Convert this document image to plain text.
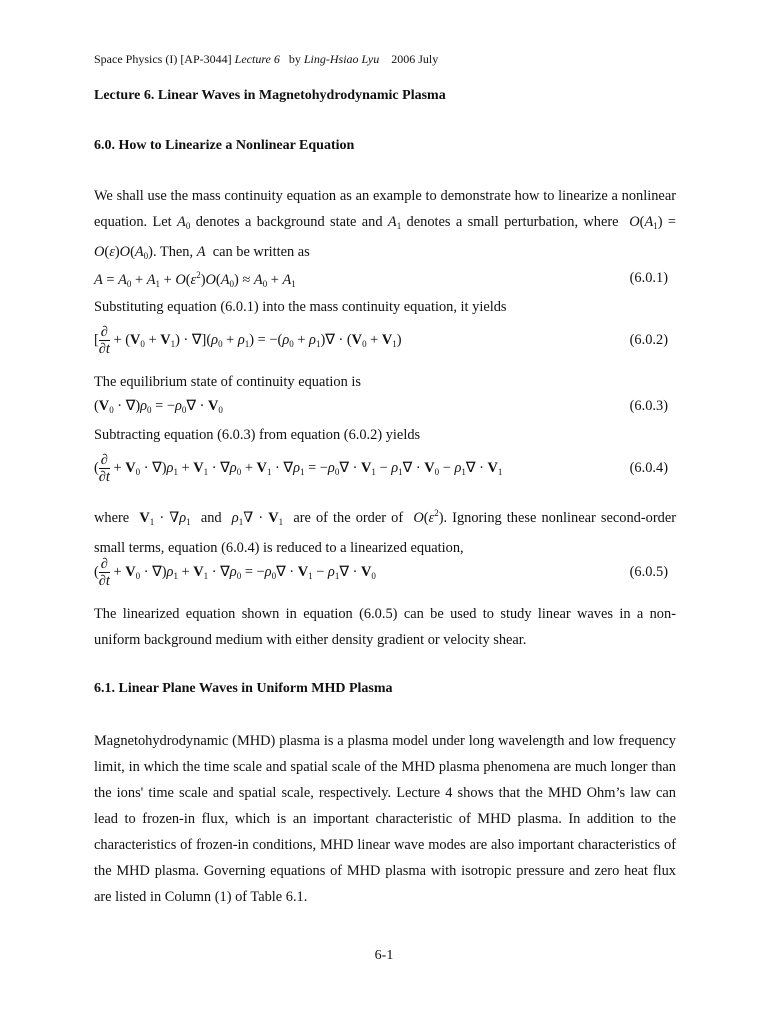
Space Physics (I) [AP-3044] Lecture 6 by Ling-Hsiao Lyu 2006 July
Lecture 6. Linear Waves in Magnetohydrodynamic Plasma
6.0. How to Linearize a Nonlinear Equation
We shall use the mass continuity equation as an example to demonstrate how to linearize a nonlinear equation. Let $A_0$ denotes a background state and $A_1$ denotes a small perturbation, where $O(A_1) = O(\varepsilon)O(A_0)$. Then, A can be written as
$A = A_0 + A_1 + O(\varepsilon^2)O(A_0) \approx A_0 + A_1$	(6.0.1)
Substituting equation (6.0.1) into the mass continuity equation, it yields
[ $\frac{\partial}{\partial t} + (V_0 + V_1) \cdot \nabla](\rho_0 + \rho_1) = -(\rho_0 + \rho_1)\nabla \cdot (V_0 + V_1)$	(6.0.2)
The equilibrium state of continuity equation is
$(V_0 \cdot \nabla)\rho_0 = -\rho_0\nabla \cdot V_0$	(6.0.3)
Subtracting equation (6.0.3) from equation (6.0.2) yields
( $\frac{\partial}{\partial t} + V_0 \cdot \nabla)\rho_1 + V_1 \cdot \nabla\rho_0 + V_1 \cdot \nabla\rho_1 = -\rho_0\nabla \cdot V_1 - \rho_1\nabla \cdot V_0 - \rho_1\nabla \cdot V_1$	(6.0.4)
where $V_1 \cdot \nabla\rho_1$ and $\rho_1\nabla \cdot V_1$ are of the order of $O(\varepsilon^2)$. Ignoring these nonlinear second-order small terms, equation (6.0.4) is reduced to a linearized equation,
( $\frac{\partial}{\partial t} + V_0 \cdot \nabla)\rho_1 + V_1 \cdot \nabla\rho_0 = -\rho_0\nabla \cdot V_1 - \rho_1\nabla \cdot V_0$	(6.0.5)
The linearized equation shown in equation (6.0.5) can be used to study linear waves in a non-uniform background medium with either density gradient or velocity shear.
6.1. Linear Plane Waves in Uniform MHD Plasma
Magnetohydrodynamic (MHD) plasma is a plasma model under long wavelength and low frequency limit, in which the time scale and spatial scale of the MHD plasma phenomena are much longer than the ions' time scale and spatial scale, respectively. Lecture 4 shows that the MHD Ohm’s law can lead to frozen-in flux, which is an important characteristic of MHD plasma. In addition to the characteristics of frozen-in conditions, MHD linear wave modes are also important characteristics of the MHD plasma. Governing equations of MHD plasma with isotropic pressure and zero heat flux are listed in Column (1) of Table 6.1.
6-1
